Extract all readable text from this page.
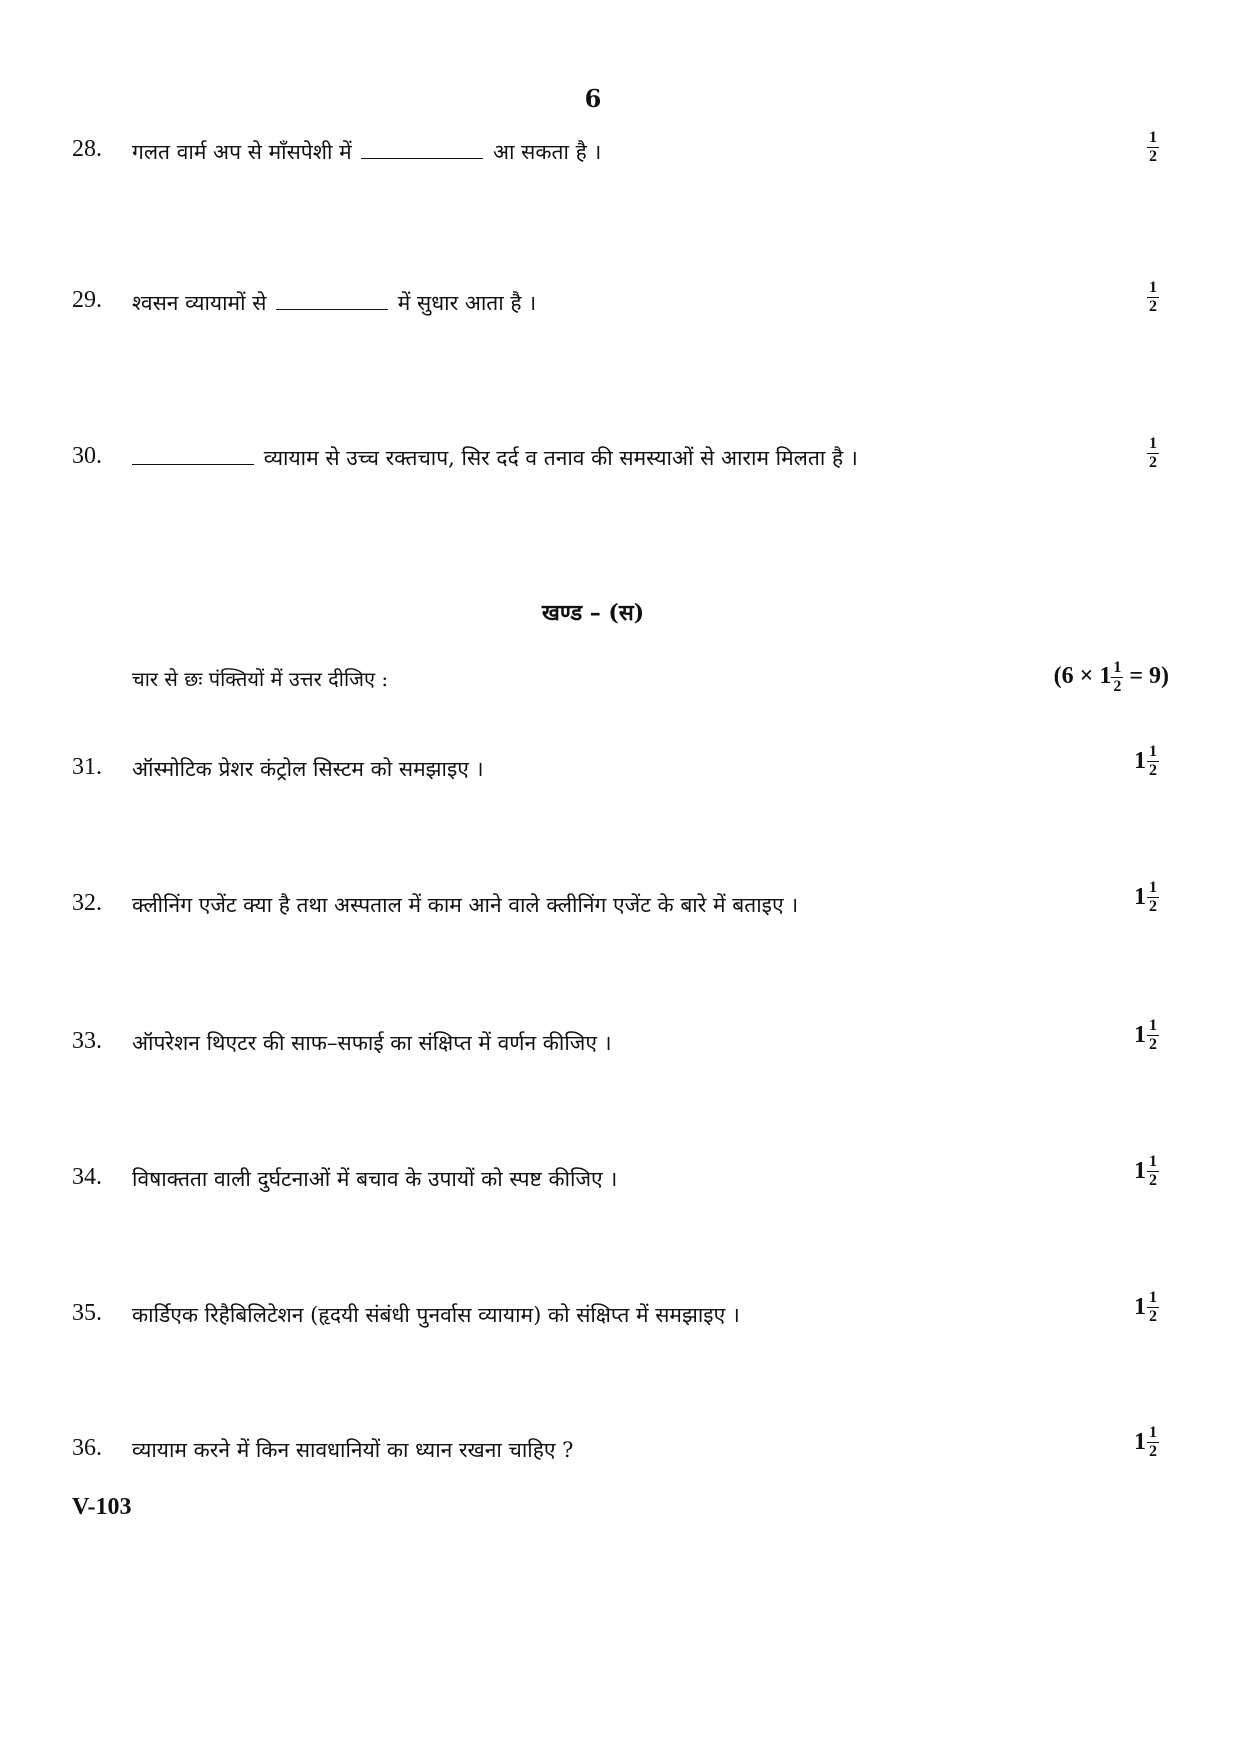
6
28. गलत वार्म अप से माँसपेशी में	आ सकता है ।	$\frac{1}{2}$
29. श्वसन व्यायामों से	में सुधार आता है ।	$\frac{1}{2}$
30.	व्यायाम से उच्च रक्तचाप, सिर दर्द व तनाव की समस्याओं से आराम मिलता है ।	$\frac{1}{2}$
खण्ड – (स)
चार से छः पंक्तियों में उत्तर दीजिए :	$(6 \times 1 \frac{1}{2} = 9)$
31. ऑस्मोटिक प्रेशर कंट्रोल सिस्टम को समझाइए ।	$1 \frac{1}{2}$
32. क्लीनिंग एजेंट क्या है तथा अस्पताल में काम आने वाले क्लीनिंग एजेंट के बारे में बताइए ।	$1 \frac{1}{2}$
33. ऑपरेशन थिएटर की साफ–सफाई का संक्षिप्त में वर्णन कीजिए ।	$1 \frac{1}{2}$
34. विषाक्तता वाली दुर्घटनाओं में बचाव के उपायों को स्पष्ट कीजिए ।	$1 \frac{1}{2}$
35. कार्डिएक रिहैबिलिटेशन (हृदयी संबंधी पुनर्वास व्यायाम) को संक्षिप्त में समझाइए ।	$1 \frac{1}{2}$
36. व्यायाम करने में किन सावधानियों का ध्यान रखना चाहिए ?	$1 \frac{1}{2}$
V-103
